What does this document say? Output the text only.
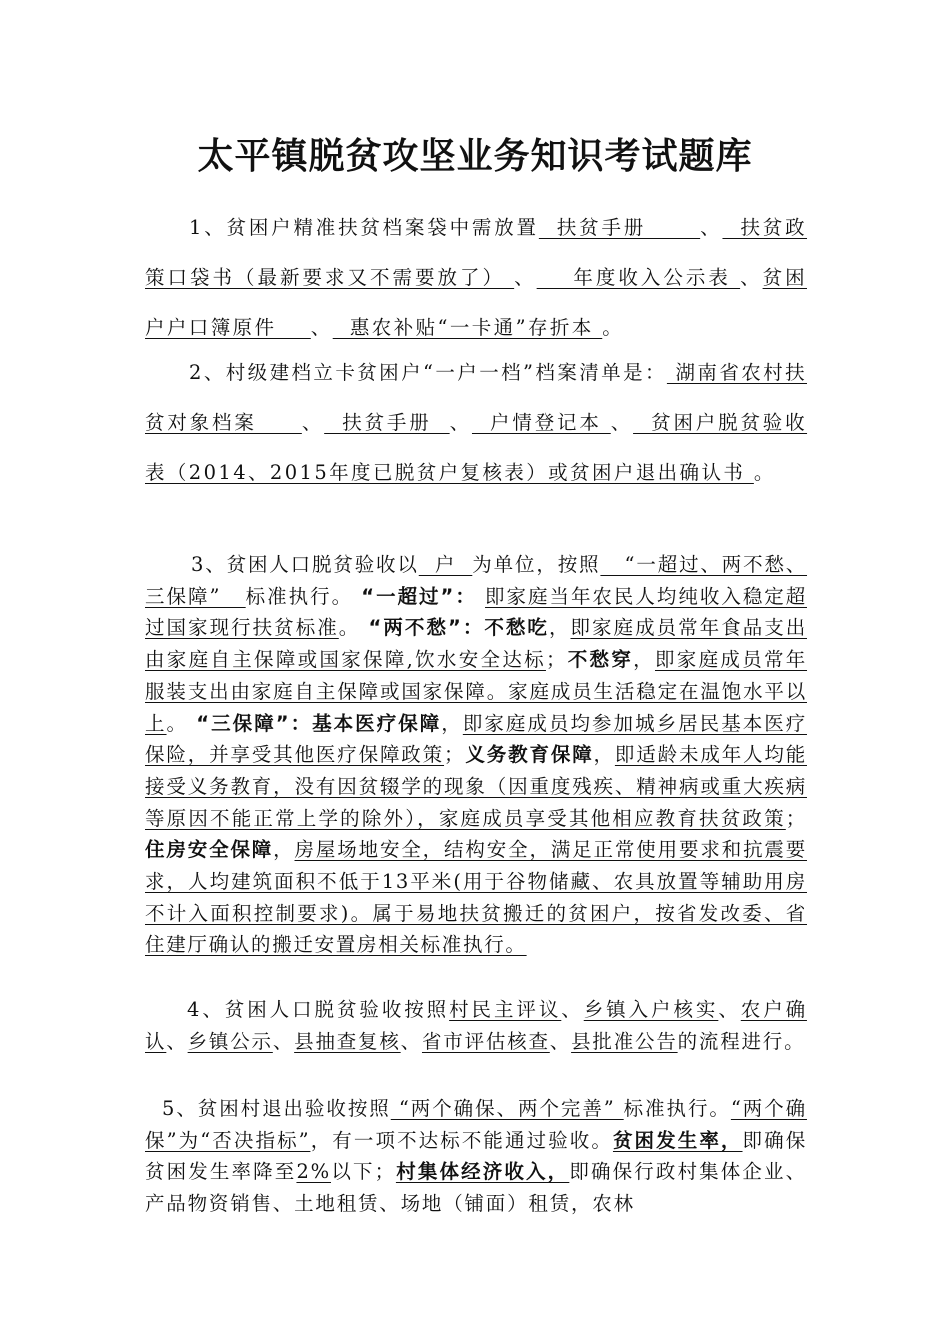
太平镇脱贫攻坚业务知识考试题库
1、贫困户精准扶贫档案袋中需放置  扶贫手册      、  扶贫政策口袋书（最新要求又不需要放了） 、    年度收入公示表 、贫困户户口簿原件    、  惠农补贴“一卡通”存折本 。
2、村级建档立卡贫困户“一户一档”档案清单是： 湖南省农村扶贫对象档案     、  扶贫手册  、  户情登记本 、  贫困户脱贫验收表（2014、2015年度已脱贫户复核表）或贫困户退出确认书 。
3、贫困人口脱贫验收以  户  为单位，按照   “一超过、两不愁、三保障”   标准执行。 “一超过”： 即家庭当年农民人均纯收入稳定超过国家现行扶贫标准。 “两不愁”：不愁吃，即家庭成员常年食品支出由家庭自主保障或国家保障,饮水安全达标；不愁穿，即家庭成员常年服装支出由家庭自主保障或国家保障。家庭成员生活稳定在温饱水平以上。 “三保障”：基本医疗保障，即家庭成员均参加城乡居民基本医疗保险，并享受其他医疗保障政策；义务教育保障，即适龄未成年人均能接受义务教育，没有因贫辍学的现象（因重度残疾、精神病或重大疾病等原因不能正常上学的除外），家庭成员享受其他相应教育扶贫政策；住房安全保障，房屋场地安全，结构安全，满足正常使用要求和抗震要求，人均建筑面积不低于13平米(用于谷物储藏、农具放置等辅助用房不计入面积控制要求)。属于易地扶贫搬迁的贫困户，按省发改委、省住建厅确认的搬迁安置房相关标准执行。
4、贫困人口脱贫验收按照村民主评议、乡镇入户核实、农户确认、乡镇公示、县抽查复核、省市评估核查、县批准公告的流程进行。
5、贫困村退出验收按照 “两个确保、两个完善” 标准执行。“两个确保”为“否决指标”，有一项不达标不能通过验收。贫困发生率，即确保贫困发生率降至2%以下；村集体经济收入，即确保行政村集体企业、产品物资销售、土地租赁、场地（铺面）租赁，农林
